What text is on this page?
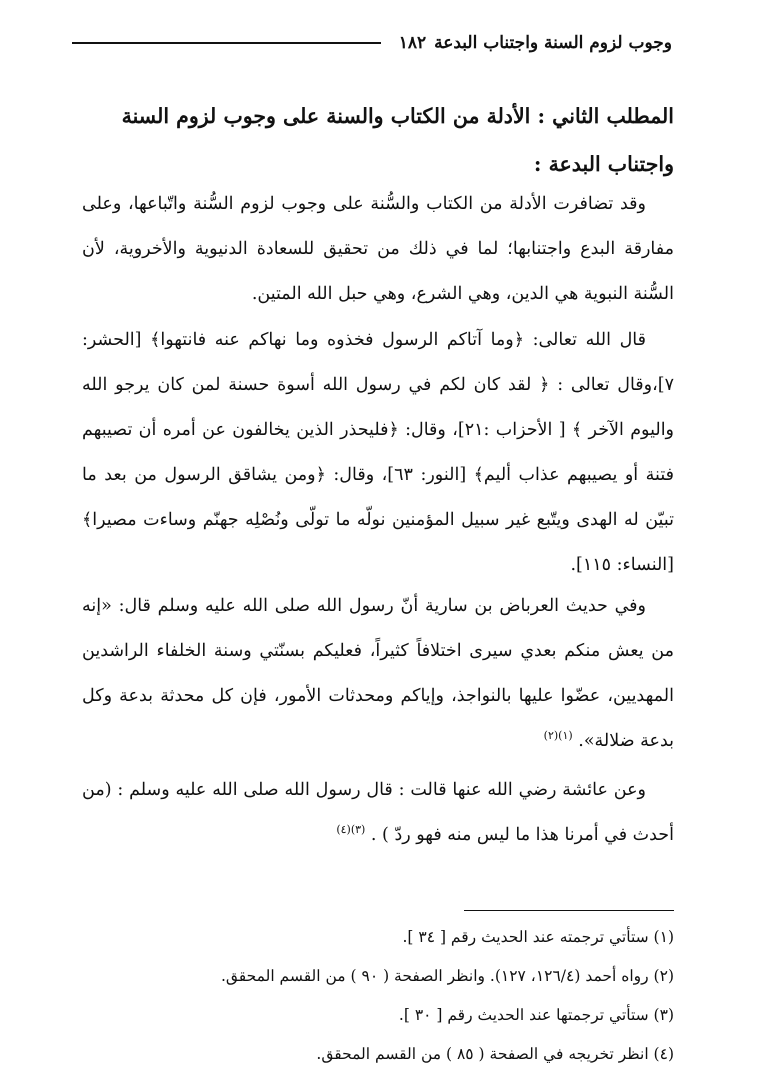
وجوب لزوم السنة واجتناب البدعة
١٨٢
المطلب الثاني : الأدلة من الكتاب والسنة على وجوب لزوم السنة واجتناب البدعة :

وقد تضافرت الأدلة من الكتاب والسُّنة على وجوب لزوم السُّنة واتّباعها، وعلى مفارقة البدع واجتنابها؛ لما في ذلك من تحقيق للسعادة الدنيوية والأخروية، لأن السُّنة النبوية هي الدين، وهي الشرع، وهي حبل الله المتين.

قال الله تعالى: ﴿وما آتاكم الرسول فخذوه وما نهاكم عنه فانتهوا﴾ [الحشر: ٧]،وقال تعالى : ﴿ لقد كان لكم في رسول الله أسوة حسنة لمن كان يرجو الله واليوم الآخر ﴾ [ الأحزاب :٢١]، وقال: ﴿فليحذر الذين يخالفون عن أمره أن تصيبهم فتنة أو يصيبهم عذاب أليم﴾ [النور: ٦٣]، وقال: ﴿ومن يشاقق الرسول من بعد ما تبيّن له الهدى ويتّبع غير سبيل المؤمنين نولّه ما تولّى ونُصْلِه جهنّم وساءت مصيرا﴾ [النساء: ١١٥].

وفي حديث العرباض بن سارية أنّ رسول الله صلى الله عليه وسلم قال: «إنه من يعش منكم بعدي سيرى اختلافاً كثيراً، فعليكم بسنّتي وسنة الخلفاء الراشدين المهديين، عضّوا عليها بالنواجذ، وإياكم ومحدثات الأمور، فإن كل محدثة بدعة وكل بدعة ضلالة». $^{(١)(٢)}$

وعن عائشة رضي الله عنها قالت : قال رسول الله صلى الله عليه وسلم : (من أحدث في أمرنا هذا ما ليس منه فهو ردّ ) . $^{(٣)(٤)}$

(١) ستأتي ترجمته عند الحديث رقم [ ٣٤ ].

(٢) رواه أحمد (١٢٦/٤، ١٢٧). وانظر الصفحة ( ٩٠ ) من القسم المحقق.

(٣) ستأتي ترجمتها عند الحديث رقم [ ٣٠ ].

(٤) انظر تخريجه في الصفحة ( ٨٥ ) من القسم المحقق.
